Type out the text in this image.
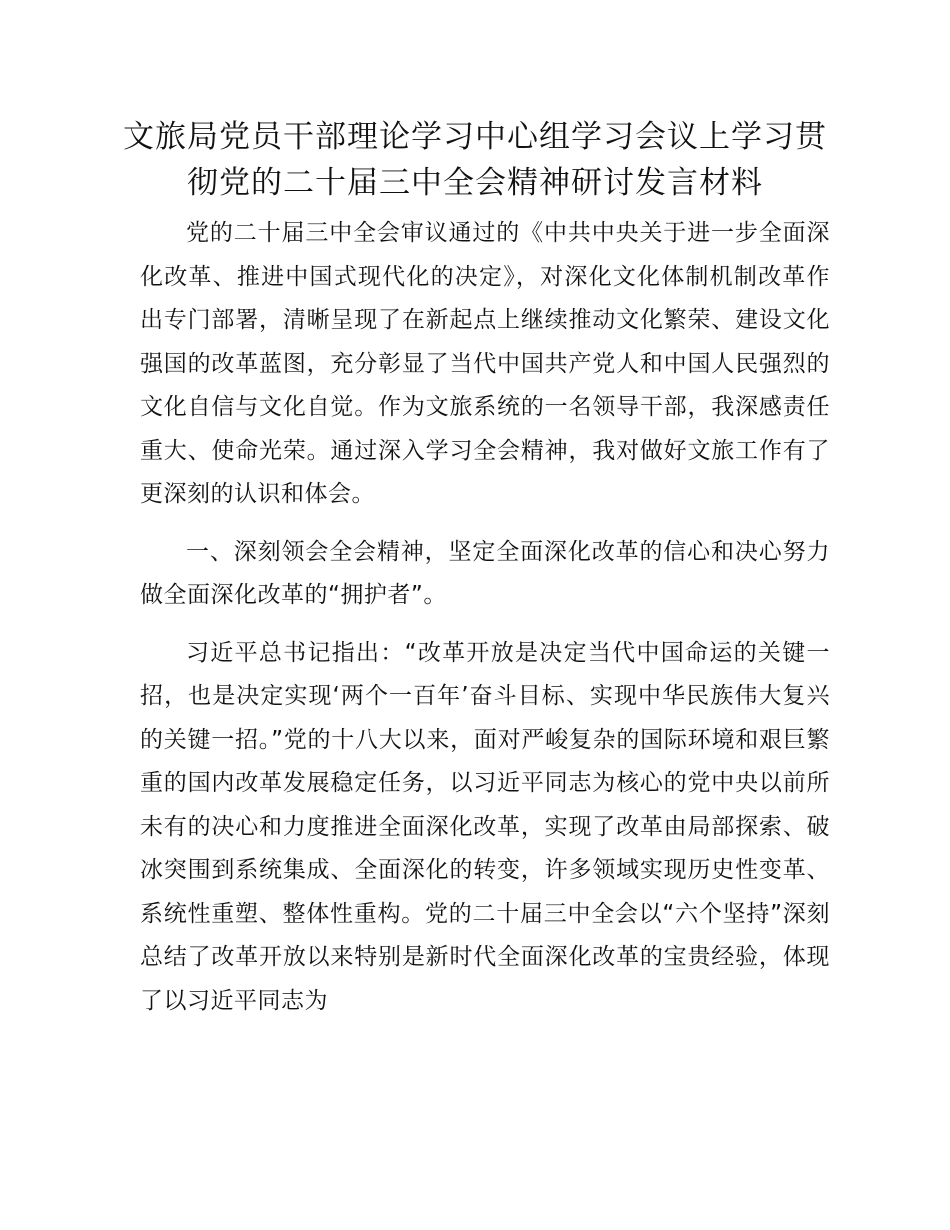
文旅局党员干部理论学习中心组学习会议上学习贯彻党的二十届三中全会精神研讨发言材料

党的二十届三中全会审议通过的《中共中央关于进一步全面深化改革、推进中国式现代化的决定》，对深化文化体制机制改革作出专门部署，清晰呈现了在新起点上继续推动文化繁荣、建设文化强国的改革蓝图，充分彰显了当代中国共产党人和中国人民强烈的文化自信与文化自觉。作为文旅系统的一名领导干部，我深感责任重大、使命光荣。通过深入学习全会精神，我对做好文旅工作有了更深刻的认识和体会。

一、深刻领会全会精神，坚定全面深化改革的信心和决心努力做全面深化改革的“拥护者”。

习近平总书记指出：“改革开放是决定当代中国命运的关键一招，也是决定实现‘两个一百年’奋斗目标、实现中华民族伟大复兴的关键一招。”党的十八大以来，面对严峻复杂的国际环境和艰巨繁重的国内改革发展稳定任务，以习近平同志为核心的党中央以前所未有的决心和力度推进全面深化改革，实现了改革由局部探索、破冰突围到系统集成、全面深化的转变，许多领域实现历史性变革、系统性重塑、整体性重构。党的二十届三中全会以“六个坚持”深刻总结了改革开放以来特别是新时代全面深化改革的宝贵经验，体现了以习近平同志为
